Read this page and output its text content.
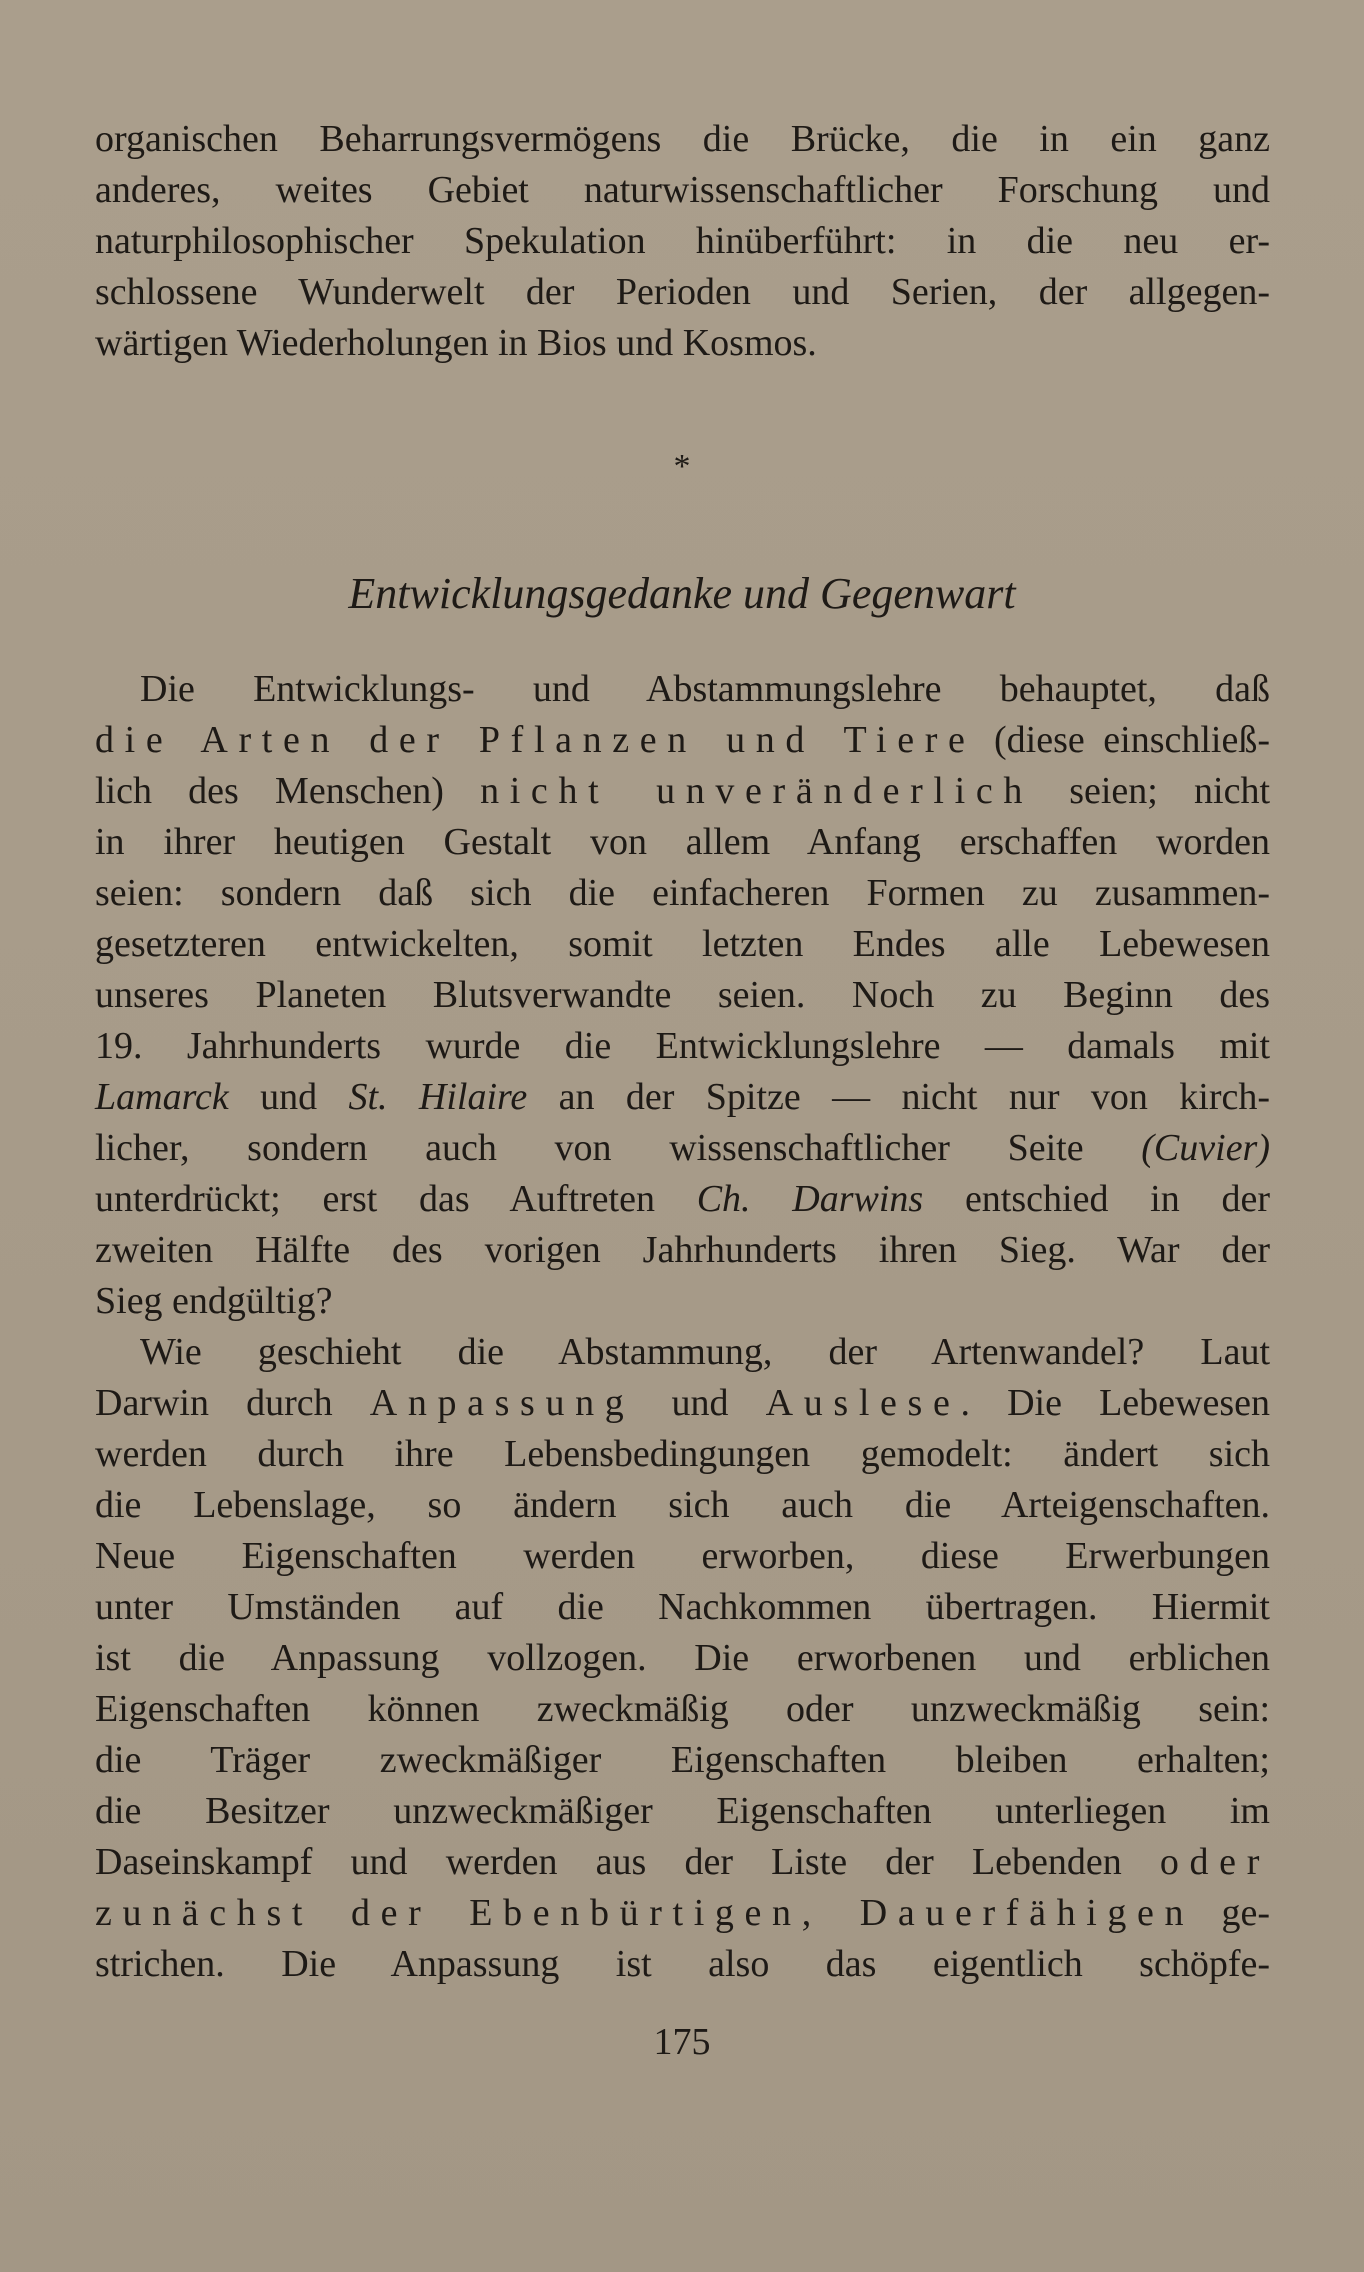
organischen Beharrungsvermögens die Brücke, die in ein ganz
anderes, weites Gebiet naturwissenschaftlicher Forschung und
naturphilosophischer Spekulation hinüberführt: in die neu er-
schlossene Wunderwelt der Perioden und Serien, der allgegen-
wärtigen Wiederholungen in Bios und Kosmos.
*
Entwicklungsgedanke und Gegenwart
Die Entwicklungs- und Abstammungslehre behauptet, daß
die Arten der Pflanzen und Tiere (diese einschließ-
lich des Menschen) nicht unveränderlich seien; nicht
in ihrer heutigen Gestalt von allem Anfang erschaffen worden
seien: sondern daß sich die einfacheren Formen zu zusammen-
gesetzteren entwickelten, somit letzten Endes alle Lebewesen
unseres Planeten Blutsverwandte seien. Noch zu Beginn des
19. Jahrhunderts wurde die Entwicklungslehre — damals mit
Lamarck und St. Hilaire an der Spitze — nicht nur von kirch-
licher, sondern auch von wissenschaftlicher Seite (Cuvier)
unterdrückt; erst das Auftreten Ch. Darwins entschied in der
zweiten Hälfte des vorigen Jahrhunderts ihren Sieg. War der
Sieg endgültig?
Wie geschieht die Abstammung, der Artenwandel? Laut
Darwin durch Anpassung und Auslese. Die Lebewesen
werden durch ihre Lebensbedingungen gemodelt: ändert sich
die Lebenslage, so ändern sich auch die Arteigenschaften.
Neue Eigenschaften werden erworben, diese Erwerbungen
unter Umständen auf die Nachkommen übertragen. Hiermit
ist die Anpassung vollzogen. Die erworbenen und erblichen
Eigenschaften können zweckmäßig oder unzweckmäßig sein:
die Träger zweckmäßiger Eigenschaften bleiben erhalten;
die Besitzer unzweckmäßiger Eigenschaften unterliegen im
Daseinskampf und werden aus der Liste der Lebenden oder
zunächst der Ebenbürtigen, Dauerfähigen ge-
strichen. Die Anpassung ist also das eigentlich schöpfe-
175
